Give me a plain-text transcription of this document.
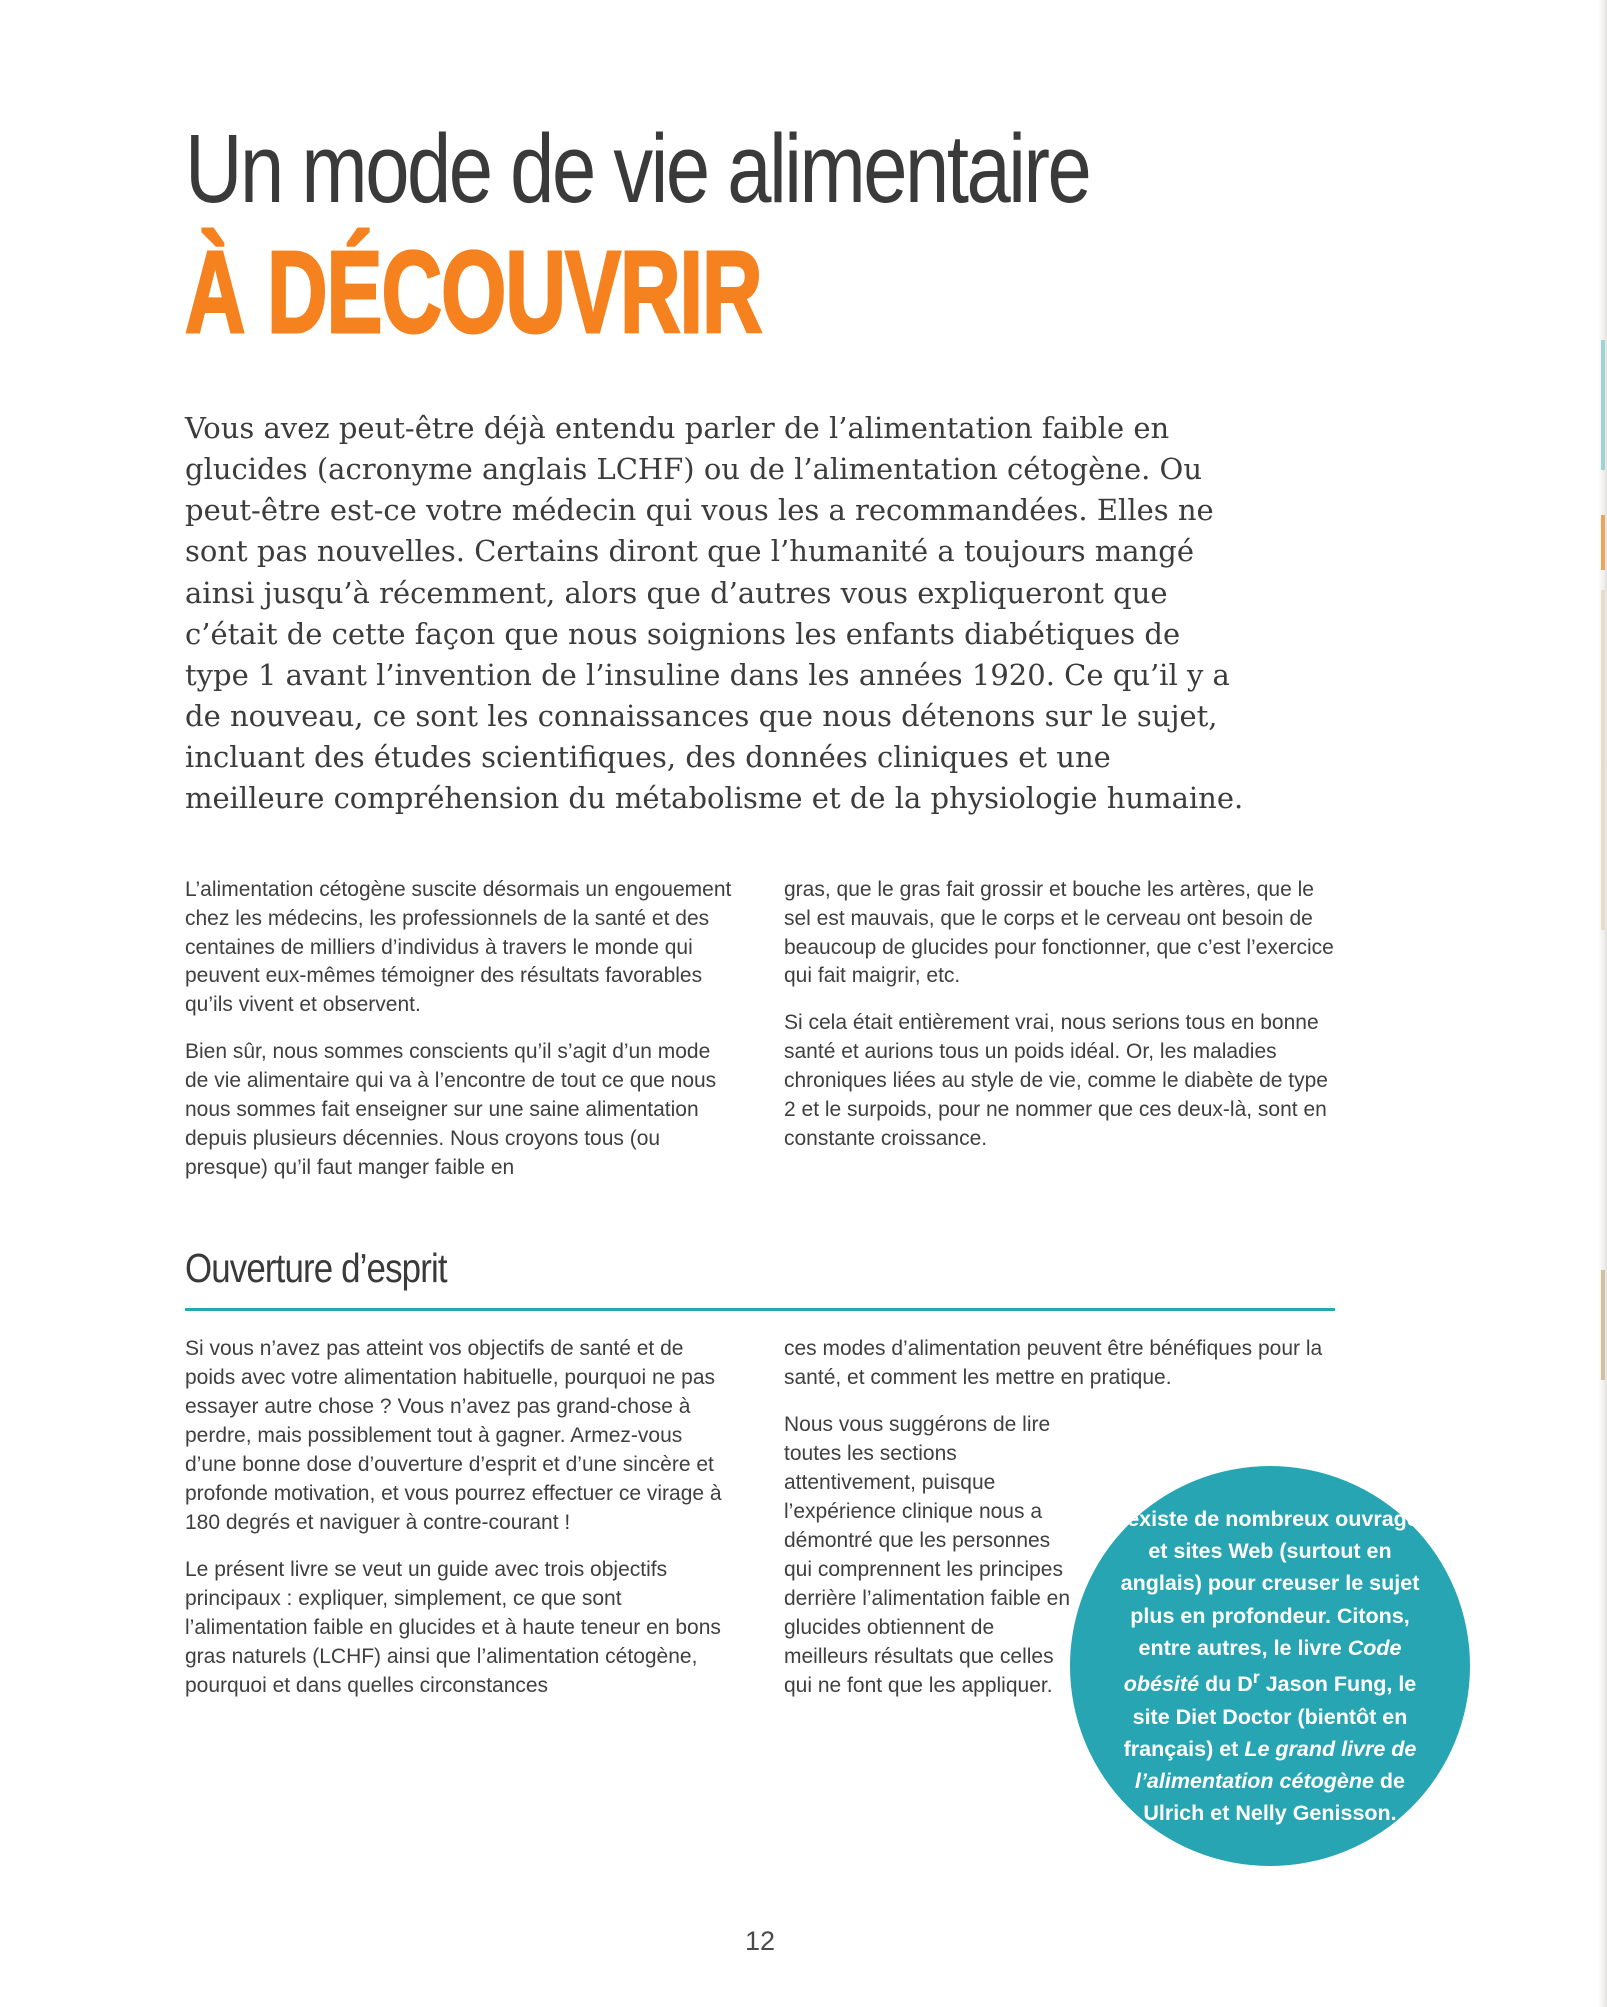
Un mode de vie alimentaire
À DÉCOUVRIR
Vous avez peut-être déjà entendu parler de l’alimentation faible en glucides (acronyme anglais LCHF) ou de l’alimentation cétogène. Ou peut-être est-ce votre médecin qui vous les a recommandées. Elles ne sont pas nouvelles. Certains diront que l’humanité a toujours mangé ainsi jusqu’à récemment, alors que d’autres vous expliqueront que c’était de cette façon que nous soignions les enfants diabétiques de type 1 avant l’invention de l’insuline dans les années 1920. Ce qu’il y a de nouveau, ce sont les connaissances que nous détenons sur le sujet, incluant des études scientifiques, des données cliniques et une meilleure compréhension du métabolisme et de la physiologie humaine.

L’alimentation cétogène suscite désormais un engouement chez les médecins, les professionnels de la santé et des centaines de milliers d’individus à travers le monde qui peuvent eux-mêmes témoigner des résultats favorables qu’ils vivent et observent.

Bien sûr, nous sommes conscients qu’il s’agit d’un mode de vie alimentaire qui va à l’encontre de tout ce que nous nous sommes fait enseigner sur une saine alimentation depuis plusieurs décennies. Nous croyons tous (ou presque) qu’il faut manger faible en

gras, que le gras fait grossir et bouche les artères, que le sel est mauvais, que le corps et le cerveau ont besoin de beaucoup de glucides pour fonctionner, que c’est l’exercice qui fait maigrir, etc.

Si cela était entièrement vrai, nous serions tous en bonne santé et aurions tous un poids idéal. Or, les maladies chroniques liées au style de vie, comme le diabète de type 2 et le surpoids, pour ne nommer que ces deux-là, sont en constante croissance.

Ouverture d’esprit

Si vous n’avez pas atteint vos objectifs de santé et de poids avec votre alimentation habituelle, pourquoi ne pas essayer autre chose ? Vous n’avez pas grand-chose à perdre, mais possiblement tout à gagner. Armez-vous d’une bonne dose d’ouverture d’esprit et d’une sincère et profonde motivation, et vous pourrez effectuer ce virage à 180 degrés et naviguer à contre-courant !

Le présent livre se veut un guide avec trois objectifs principaux : expliquer, simplement, ce que sont l’alimentation faible en glucides et à haute teneur en bons gras naturels (LCHF) ainsi que l’alimentation cétogène, pourquoi et dans quelles circonstances

ces modes d’alimentation peuvent être bénéfiques pour la santé, et comment les mettre en pratique.

Nous vous suggérons de lire toutes les sections attentivement, puisque l’expérience clinique nous a démontré que les personnes qui comprennent les principes derrière l’alimentation faible en glucides obtiennent de meilleurs résultats que celles qui ne font que les appliquer.

Il existe de nombreux ouvrages et sites Web (surtout en anglais) pour creuser le sujet plus en profondeur. Citons, entre autres, le livre Code obésité du $D^r$ Jason Fung, le site Diet Doctor (bientôt en français) et Le grand livre de l’alimentation cétogène de Ulrich et Nelly Genisson.
12
